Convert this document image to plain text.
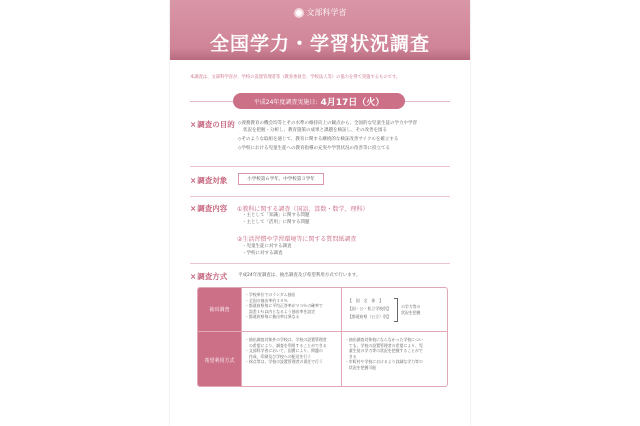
文部科学省
全国学力・学習状況調査
本調査は、文部科学省が、学校の設置管理者等（教育委員会、学校法人等）の協力を得て実施するものです。
平成24年度調査実施日: 4月17日（火）
×調査の目的 ◇義務教育の機会均等とその水準の維持向上の観点から、全国的な児童生徒の学力や学習
状況を把握・分析し、教育施策の成果と課題を検証し、その改善を図る
◇そのような取組を通じて、教育に関する継続的な検証改善サイクルを確立する
◇学校における児童生徒への教育指導の充実や学習状況の改善等に役立てる
×調査対象	小学校第６学年、中学校第３学年
×調査内容 ①教科に関する調査（国語、算数・数学、理科）
・主として「知識」に関する問題
・主として「活用」に関する問題
②生活習慣や学習環境等に関する質問紙調査
・児童生徒に対する調査
・学校に対する調査
×調査方式 平成24年度調査は、抽出調査及び希望利用方式で行います。
抽出調査
希望利用方式
・学校単位でのランダム抽出
・全国の抽出率約３０％
・都道府県毎に平均正答率が９５％の確率で
　誤差１％以内となるよう抽出率を設定
・都道府県毎に抽出率は異なる
【　国　全　体　】
【国・公・私立学校別】
【都道府県（公立）別】
の学力等の
状況を把握
・抽出調査対象外の学校は、学校の設置管理者
　の希望により、調査を利用することができる
・文部科学省において、国費により、問題の
　作成、印刷及び学校への配送を行う
・採点等は、学校の設置管理者の責任で行う
・抽出調査対象校にならなかった学校につい
　ても、学校の設置管理者の希望により、児
　童生徒の学力等の状況を把握することがで
　きる
・市町村や学校におけるより詳細な学力等の
　状況を把握可能
